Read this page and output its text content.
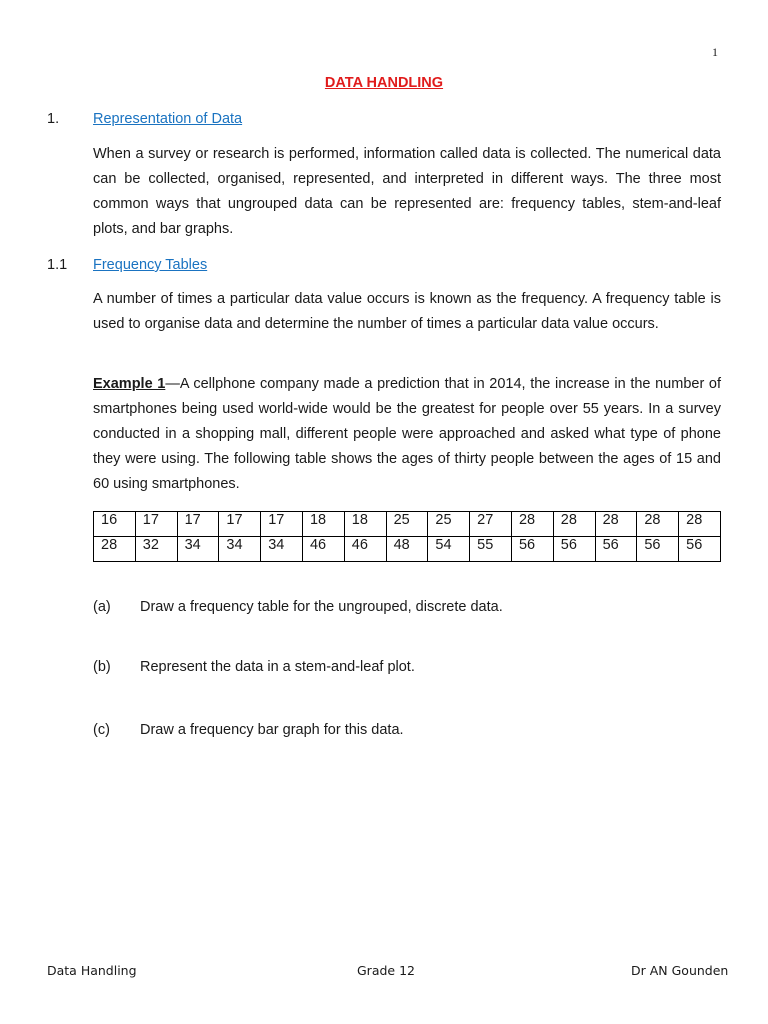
1
DATA HANDLING
1. Representation of Data

When a survey or research is performed, information called data is collected. The numerical data can be collected, organised, represented, and interpreted in different ways. The three most common ways that ungrouped data can be represented are: frequency tables, stem-and-leaf plots, and bar graphs.

1.1 Frequency Tables

A number of times a particular data value occurs is known as the frequency. A frequency table is used to organise data and determine the number of times a particular data value occurs.

Example 1—A cellphone company made a prediction that in 2014, the increase in the number of smartphones being used world-wide would be the greatest for people over 55 years. In a survey conducted in a shopping mall, different people were approached and asked what type of phone they were using. The following table shows the ages of thirty people between the ages of 15 and 60 using smartphones.

16	17	17	17	17	18	18	25	25	27	28	28	28	28	28
28	32	34	34	34	46	46	48	54	55	56	56	56	56	56
(a) Draw a frequency table for the ungrouped, discrete data.
(b) Represent the data in a stem-and-leaf plot.
(c) Draw a frequency bar graph for this data.
Data Handling	Grade 12	Dr AN Gounden
